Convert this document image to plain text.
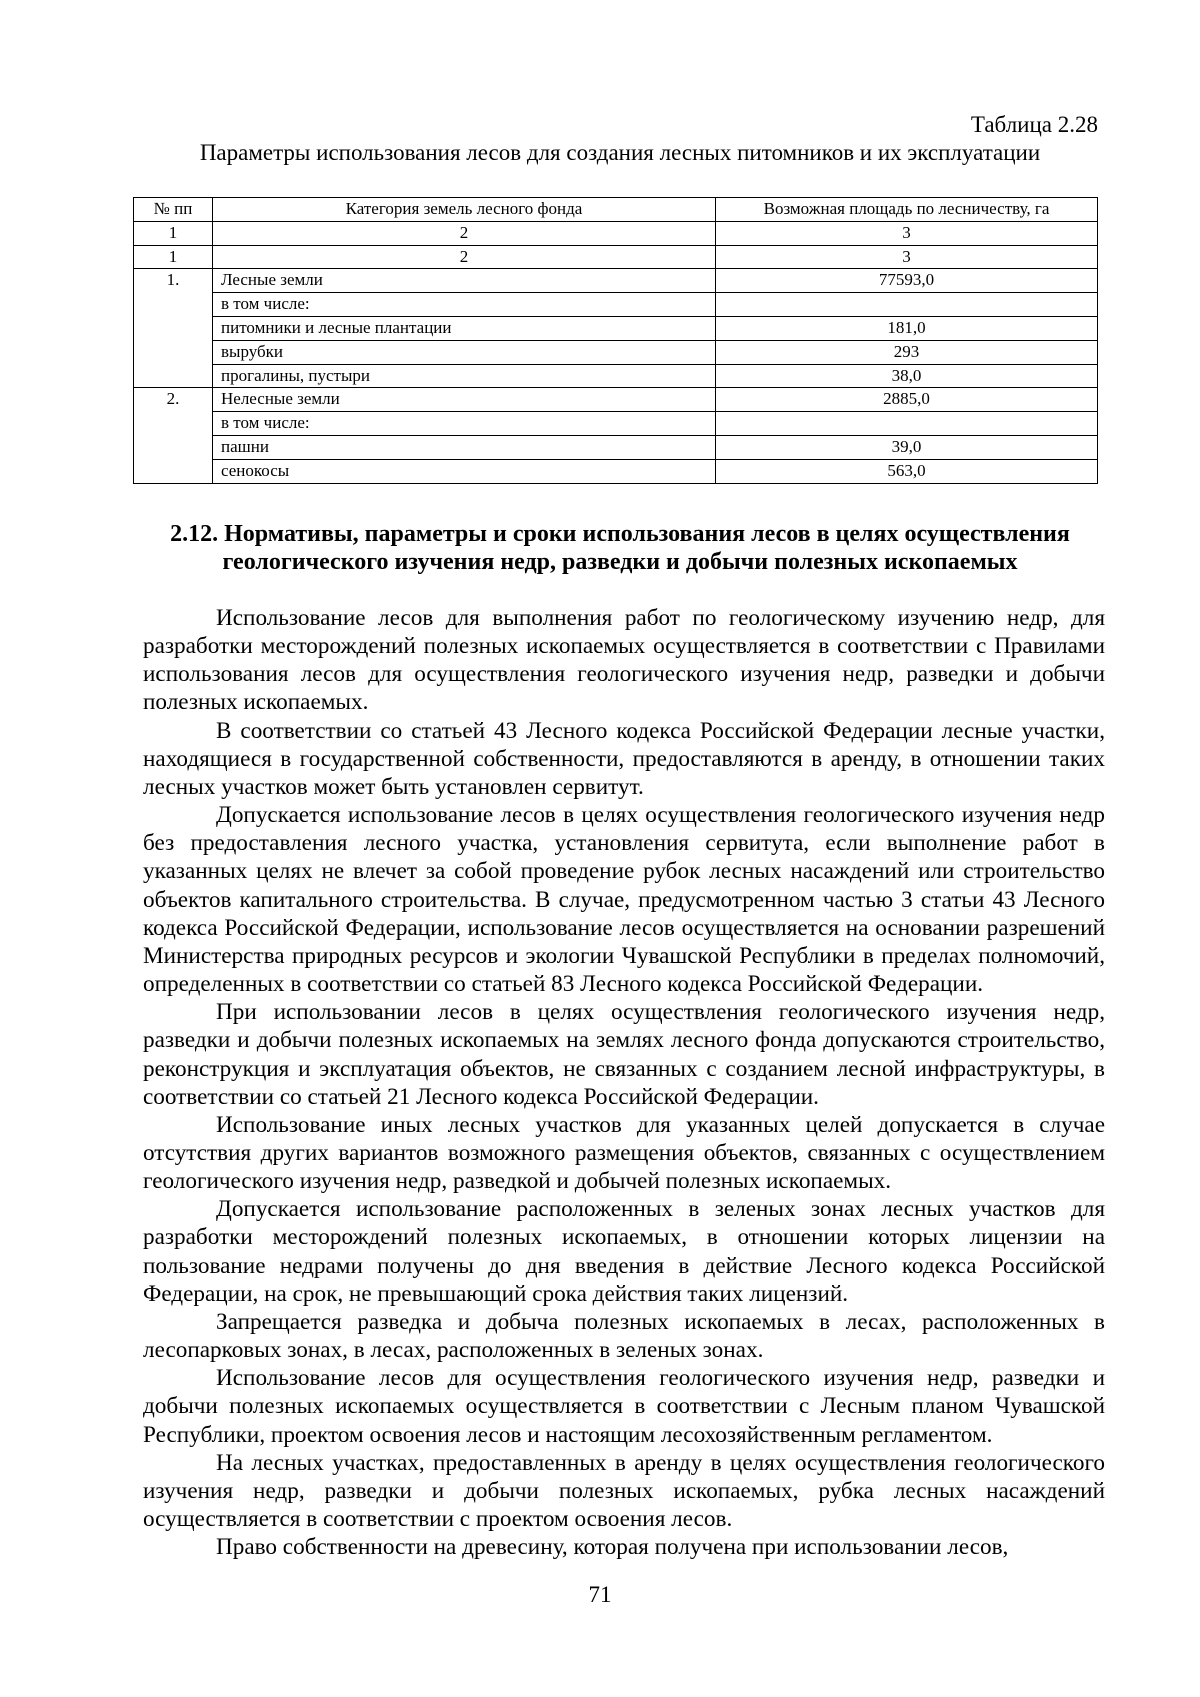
Таблица 2.28
Параметры использования лесов для создания лесных питомников и их эксплуатации
№ пп	Категория земель лесного фонда	Возможная площадь по лесничеству, га
1	2	3
1	2	3
1.	Лесные земли	77593,0
	в том числе:	
	питомники и лесные плантации	181,0
	вырубки	293
	прогалины, пустыри	38,0
2.	Нелесные земли	2885,0
	в том числе:	
	пашни	39,0
	сенокосы	563,0
2.12. Нормативы, параметры и сроки использования лесов в целях осуществления
геологического изучения недр, разведки и добычи полезных ископаемых

Использование лесов для выполнения работ по геологическому изучению недр, для разработки месторождений полезных ископаемых осуществляется в соответствии с Правилами использования лесов для осуществления геологического изучения недр, разведки и добычи полезных ископаемых.

В соответствии со статьей 43 Лесного кодекса Российской Федерации лесные участки, находящиеся в государственной собственности, предоставляются в аренду, в отношении таких лесных участков может быть установлен сервитут.

Допускается использование лесов в целях осуществления геологического изучения недр без предоставления лесного участка, установления сервитута, если выполнение работ в указанных целях не влечет за собой проведение рубок лесных насаждений или строительство объектов капитального строительства. В случае, предусмотренном частью 3 статьи 43 Лесного кодекса Российской Федерации, использование лесов осуществляется на основании разрешений Министерства природных ресурсов и экологии Чувашской Республики в пределах полномочий, определенных в соответствии со статьей 83 Лесного кодекса Российской Федерации.

При использовании лесов в целях осуществления геологического изучения недр, разведки и добычи полезных ископаемых на землях лесного фонда допускаются строительство, реконструкция и эксплуатация объектов, не связанных с созданием лесной инфраструктуры, в соответствии со статьей 21 Лесного кодекса Российской Федерации.

Использование иных лесных участков для указанных целей допускается в случае отсутствия других вариантов возможного размещения объектов, связанных с осуществлением геологического изучения недр, разведкой и добычей полезных ископаемых.

Допускается использование расположенных в зеленых зонах лесных участков для разработки месторождений полезных ископаемых, в отношении которых лицензии на пользование недрами получены до дня введения в действие Лесного кодекса Российской Федерации, на срок, не превышающий срока действия таких лицензий.

Запрещается разведка и добыча полезных ископаемых в лесах, расположенных в лесопарковых зонах, в лесах, расположенных в зеленых зонах.

Использование лесов для осуществления геологического изучения недр, разведки и добычи полезных ископаемых осуществляется в соответствии с Лесным планом Чувашской Республики, проектом освоения лесов и настоящим лесохозяйственным регламентом.

На лесных участках, предоставленных в аренду в целях осуществления геологического изучения недр, разведки и добычи полезных ископаемых, рубка лесных насаждений осуществляется в соответствии с проектом освоения лесов.

Право собственности на древесину, которая получена при использовании лесов,

71
